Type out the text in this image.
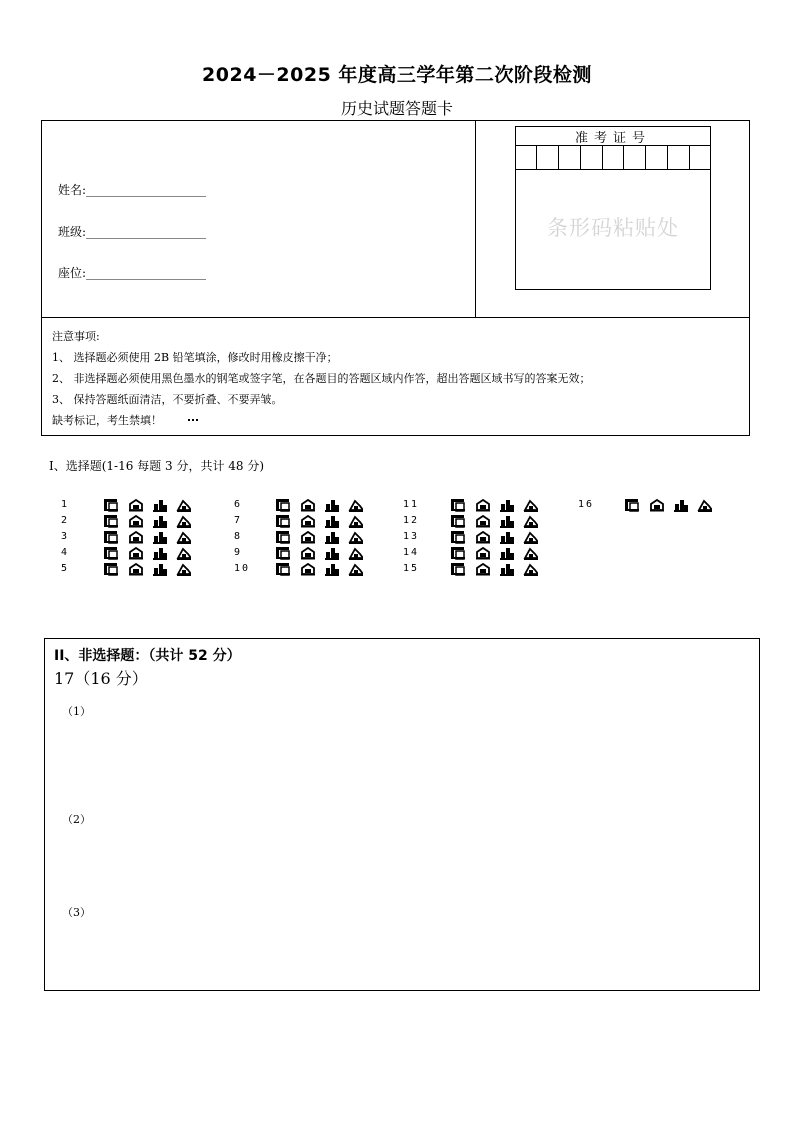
2024－2025 年度高三学年第二次阶段检测
历史试题答题卡
姓名:____________________
班级:____________________
座位:____________________
准考证号
条形码粘贴处
注意事项:
1、 选择题必须使用 2B 铅笔填涂，修改时用橡皮擦干净；
2、 非选择题必须使用黑色墨水的钢笔或签字笔，在各题目的答题区域内作答，超出答题区域书写的答案无效；
3、 保持答题纸面清洁，不要折叠、不要弄皱。
缺考标记，考生禁填！
I、选择题(1-16 每题 3 分，共计 48 分)
1
2
3
4
5
6
7
8
9
10
11
12
13
14
15
16
II、非选择题：（共计 52 分）
17（16 分）
（1）
（2）
（3）
